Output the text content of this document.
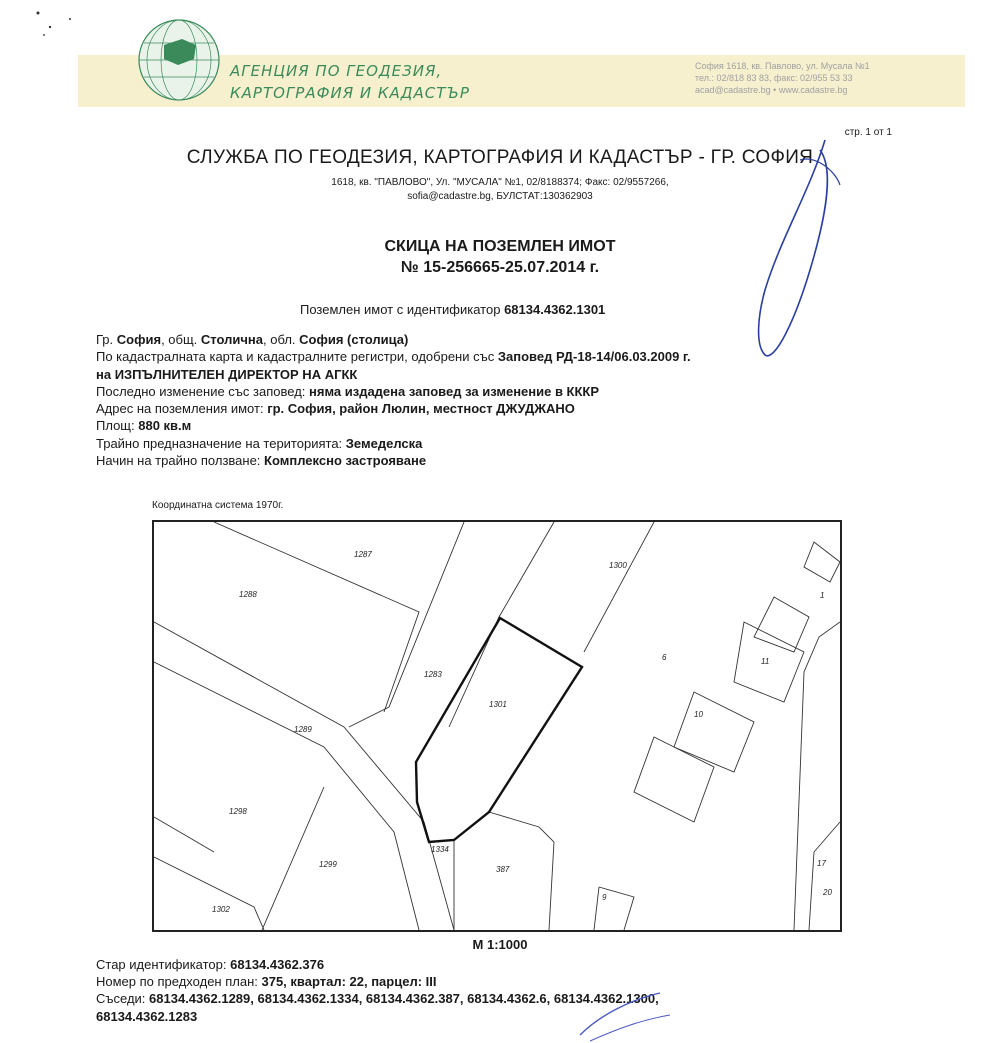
АГЕНЦИЯ ПО ГЕОДЕЗИЯ,
КАРТОГРАФИЯ И КАДАСТЪР
София 1618, кв. Павлово, ул. Мусала №1
тел.: 02/818 83 83, факс: 02/955 53 33
acad@cadastre.bg • www.cadastre.bg
стр. 1 от 1
СЛУЖБА ПО ГЕОДЕЗИЯ, КАРТОГРАФИЯ И КАДАСТЪР - ГР. СОФИЯ
1618, кв. "ПАВЛОВО", Ул. "МУСАЛА" №1, 02/8188374; Факс: 02/9557266,
sofia@cadastre.bg, БУЛСТАТ:130362903
СКИЦА НА ПОЗЕМЛЕН ИМОТ
№ 15-256665-25.07.2014 г.
Поземлен имот с идентификатор 68134.4362.1301
Гр. София, общ. Столична, обл. София (столица)
По кадастралната карта и кадастралните регистри, одобрени със Заповед РД-18-14/06.03.2009 г.
на ИЗПЪЛНИТЕЛЕН ДИРЕКТОР НА АГКК
Последно изменение със заповед: няма издадена заповед за изменение в КККР
Адрес на поземления имот: гр. София, район Люлин, местност ДЖУДЖАНО
Площ: 880 кв.м
Трайно предназначение на територията: Земеделска
Начин на трайно ползване: Комплексно застрояване
Координатна система 1970г.
1287
1288
1289
1298
1299
1302
1283
1301
1300
1334
387
9
6
10
11
1
17
20
М 1:1000
Стар идентификатор: 68134.4362.376
Номер по предходен план: 375, квартал: 22, парцел: III
Съседи: 68134.4362.1289, 68134.4362.1334, 68134.4362.387, 68134.4362.6, 68134.4362.1300,
68134.4362.1283
